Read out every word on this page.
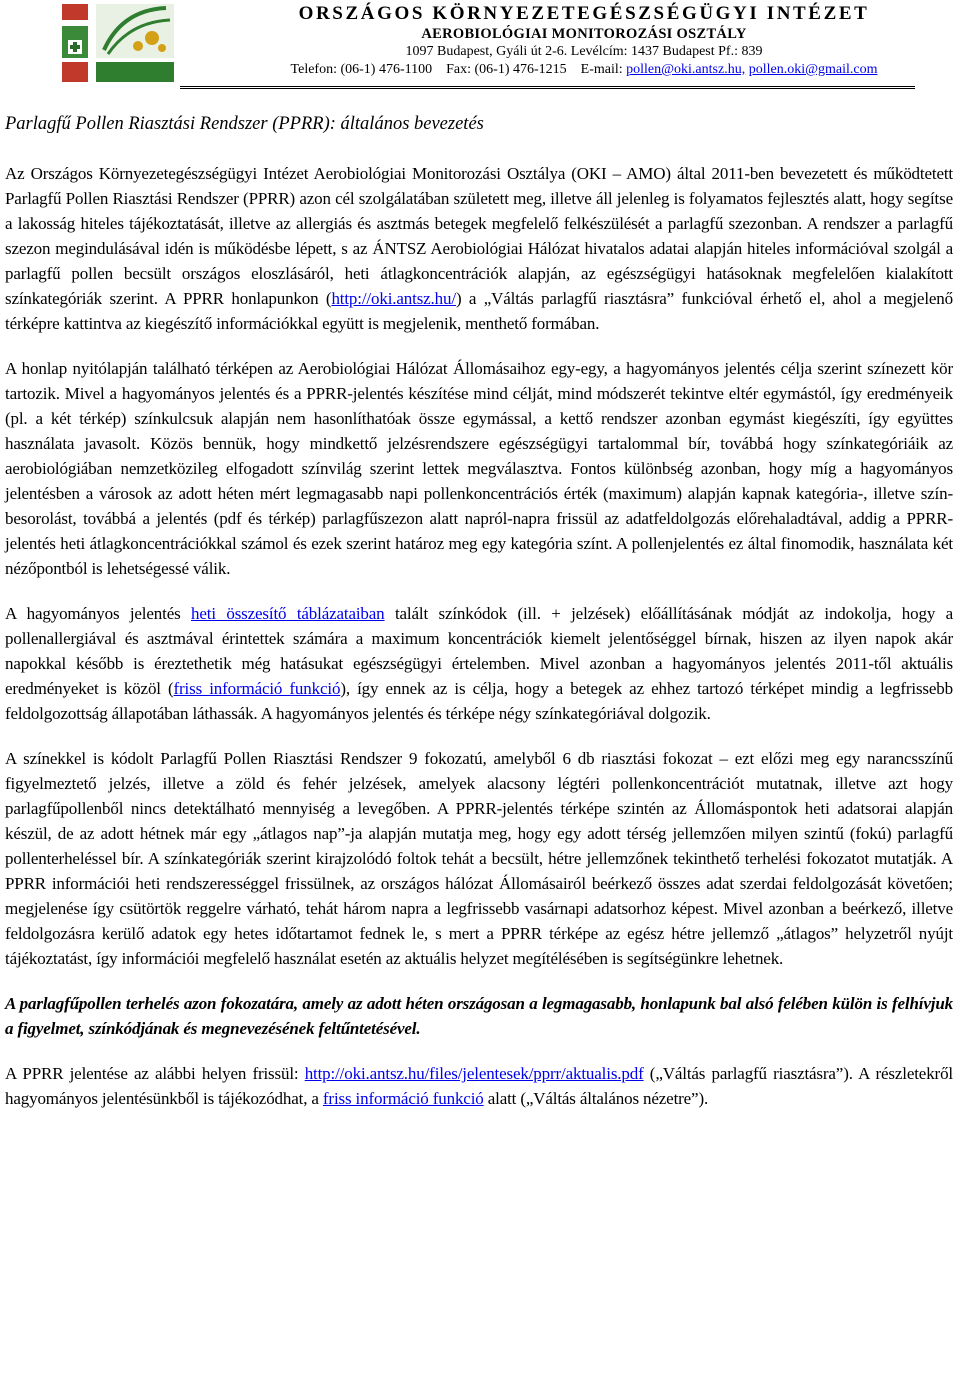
ORSZÁGOS KÖRNYEZETEGÉSZSÉGÜGYI INTÉZET
AEROBIOLÓGIAI MONITOROZÁSI OSZTÁLY
1097 Budapest, Gyáli út 2-6. Levélcím: 1437 Budapest Pf.: 839
Telefon: (06-1) 476-1100 Fax: (06-1) 476-1215 E-mail: pollen@oki.antsz.hu, pollen.oki@gmail.com
Parlagfű Pollen Riasztási Rendszer (PPRR): általános bevezetés

Az Országos Környezetegészségügyi Intézet Aerobiológiai Monitorozási Osztálya (OKI – AMO) által 2011-ben bevezetett és működtetett Parlagfű Pollen Riasztási Rendszer (PPRR) azon cél szolgálatában született meg, illetve áll jelenleg is folyamatos fejlesztés alatt, hogy segítse a lakosság hiteles tájékoztatását, illetve az allergiás és asztmás betegek megfelelő felkészülését a parlagfű szezonban. A rendszer a parlagfű szezon megindulásával idén is működésbe lépett, s az ÁNTSZ Aerobiológiai Hálózat hivatalos adatai alapján hiteles információval szolgál a parlagfű pollen becsült országos eloszlásáról, heti átlagkoncentrációk alapján, az egészségügyi hatásoknak megfelelően kialakított színkategóriák szerint. A PPRR honlapunkon (http://oki.antsz.hu/) a „Váltás parlagfű riasztásra” funkcióval érhető el, ahol a megjelenő térképre kattintva az kiegészítő információkkal együtt is megjelenik, menthető formában.

A honlap nyitólapján található térképen az Aerobiológiai Hálózat Állomásaihoz egy-egy, a hagyományos jelentés célja szerint színezett kör tartozik. Mivel a hagyományos jelentés és a PPRR-jelentés készítése mind célját, mind módszerét tekintve eltér egymástól, így eredményeik (pl. a két térkép) színkulcsuk alapján nem hasonlíthatóak össze egymással, a kettő rendszer azonban egymást kiegészíti, így együttes használata javasolt. Közös bennük, hogy mindkettő jelzésrendszere egészségügyi tartalommal bír, továbbá hogy színkategóriáik az aerobiológiában nemzetközileg elfogadott színvilág szerint lettek megválasztva. Fontos különbség azonban, hogy míg a hagyományos jelentésben a városok az adott héten mért legmagasabb napi pollenkoncentrációs érték (maximum) alapján kapnak kategória-, illetve szín-besorolást, továbbá a jelentés (pdf és térkép) parlagfűszezon alatt napról-napra frissül az adatfeldolgozás előrehaladtával, addig a PPRR-jelentés heti átlagkoncentrációkkal számol és ezek szerint határoz meg egy kategória színt. A pollenjelentés ez által finomodik, használata két nézőpontból is lehetségessé válik.

A hagyományos jelentés heti összesítő táblázataiban talált színkódok (ill. + jelzések) előállításának módját az indokolja, hogy a pollenallergiával és asztmával érintettek számára a maximum koncentrációk kiemelt jelentőséggel bírnak, hiszen az ilyen napok akár napokkal később is éreztethetik még hatásukat egészségügyi értelemben. Mivel azonban a hagyományos jelentés 2011-től aktuális eredményeket is közöl (friss információ funkció), így ennek az is célja, hogy a betegek az ehhez tartozó térképet mindig a legfrissebb feldolgozottság állapotában láthassák. A hagyományos jelentés és térképe négy színkategóriával dolgozik.

A színekkel is kódolt Parlagfű Pollen Riasztási Rendszer 9 fokozatú, amelyből 6 db riasztási fokozat – ezt előzi meg egy narancsszínű figyelmeztető jelzés, illetve a zöld és fehér jelzések, amelyek alacsony légtéri pollenkoncentrációt mutatnak, illetve azt hogy parlagfűpollenből nincs detektálható mennyiség a levegőben. A PPRR-jelentés térképe szintén az Állomáspontok heti adatsorai alapján készül, de az adott hétnek már egy „átlagos nap”-ja alapján mutatja meg, hogy egy adott térség jellemzően milyen szintű (fokú) parlagfű pollenterheléssel bír. A színkategóriák szerint kirajzolódó foltok tehát a becsült, hétre jellemzőnek tekinthető terhelési fokozatot mutatják. A PPRR információi heti rendszerességgel frissülnek, az országos hálózat Állomásairól beérkező összes adat szerdai feldolgozását követően; megjelenése így csütörtök reggelre várható, tehát három napra a legfrissebb vasárnapi adatsorhoz képest. Mivel azonban a beérkező, illetve feldolgozásra kerülő adatok egy hetes időtartamot fednek le, s mert a PPRR térképe az egész hétre jellemző „átlagos” helyzetről nyújt tájékoztatást, így információi megfelelő használat esetén az aktuális helyzet megítélésében is segítségünkre lehetnek.

A parlagfűpollen terhelés azon fokozatára, amely az adott héten országosan a legmagasabb, honlapunk bal alsó felében külön is felhívjuk a figyelmet, színkódjának és megnevezésének feltűntetésével.

A PPRR jelentése az alábbi helyen frissül: http://oki.antsz.hu/files/jelentesek/pprr/aktualis.pdf („Váltás parlagfű riasztásra”). A részletekről hagyományos jelentésünkből is tájékozódhat, a friss információ funkció alatt („Váltás általános nézetre”).
